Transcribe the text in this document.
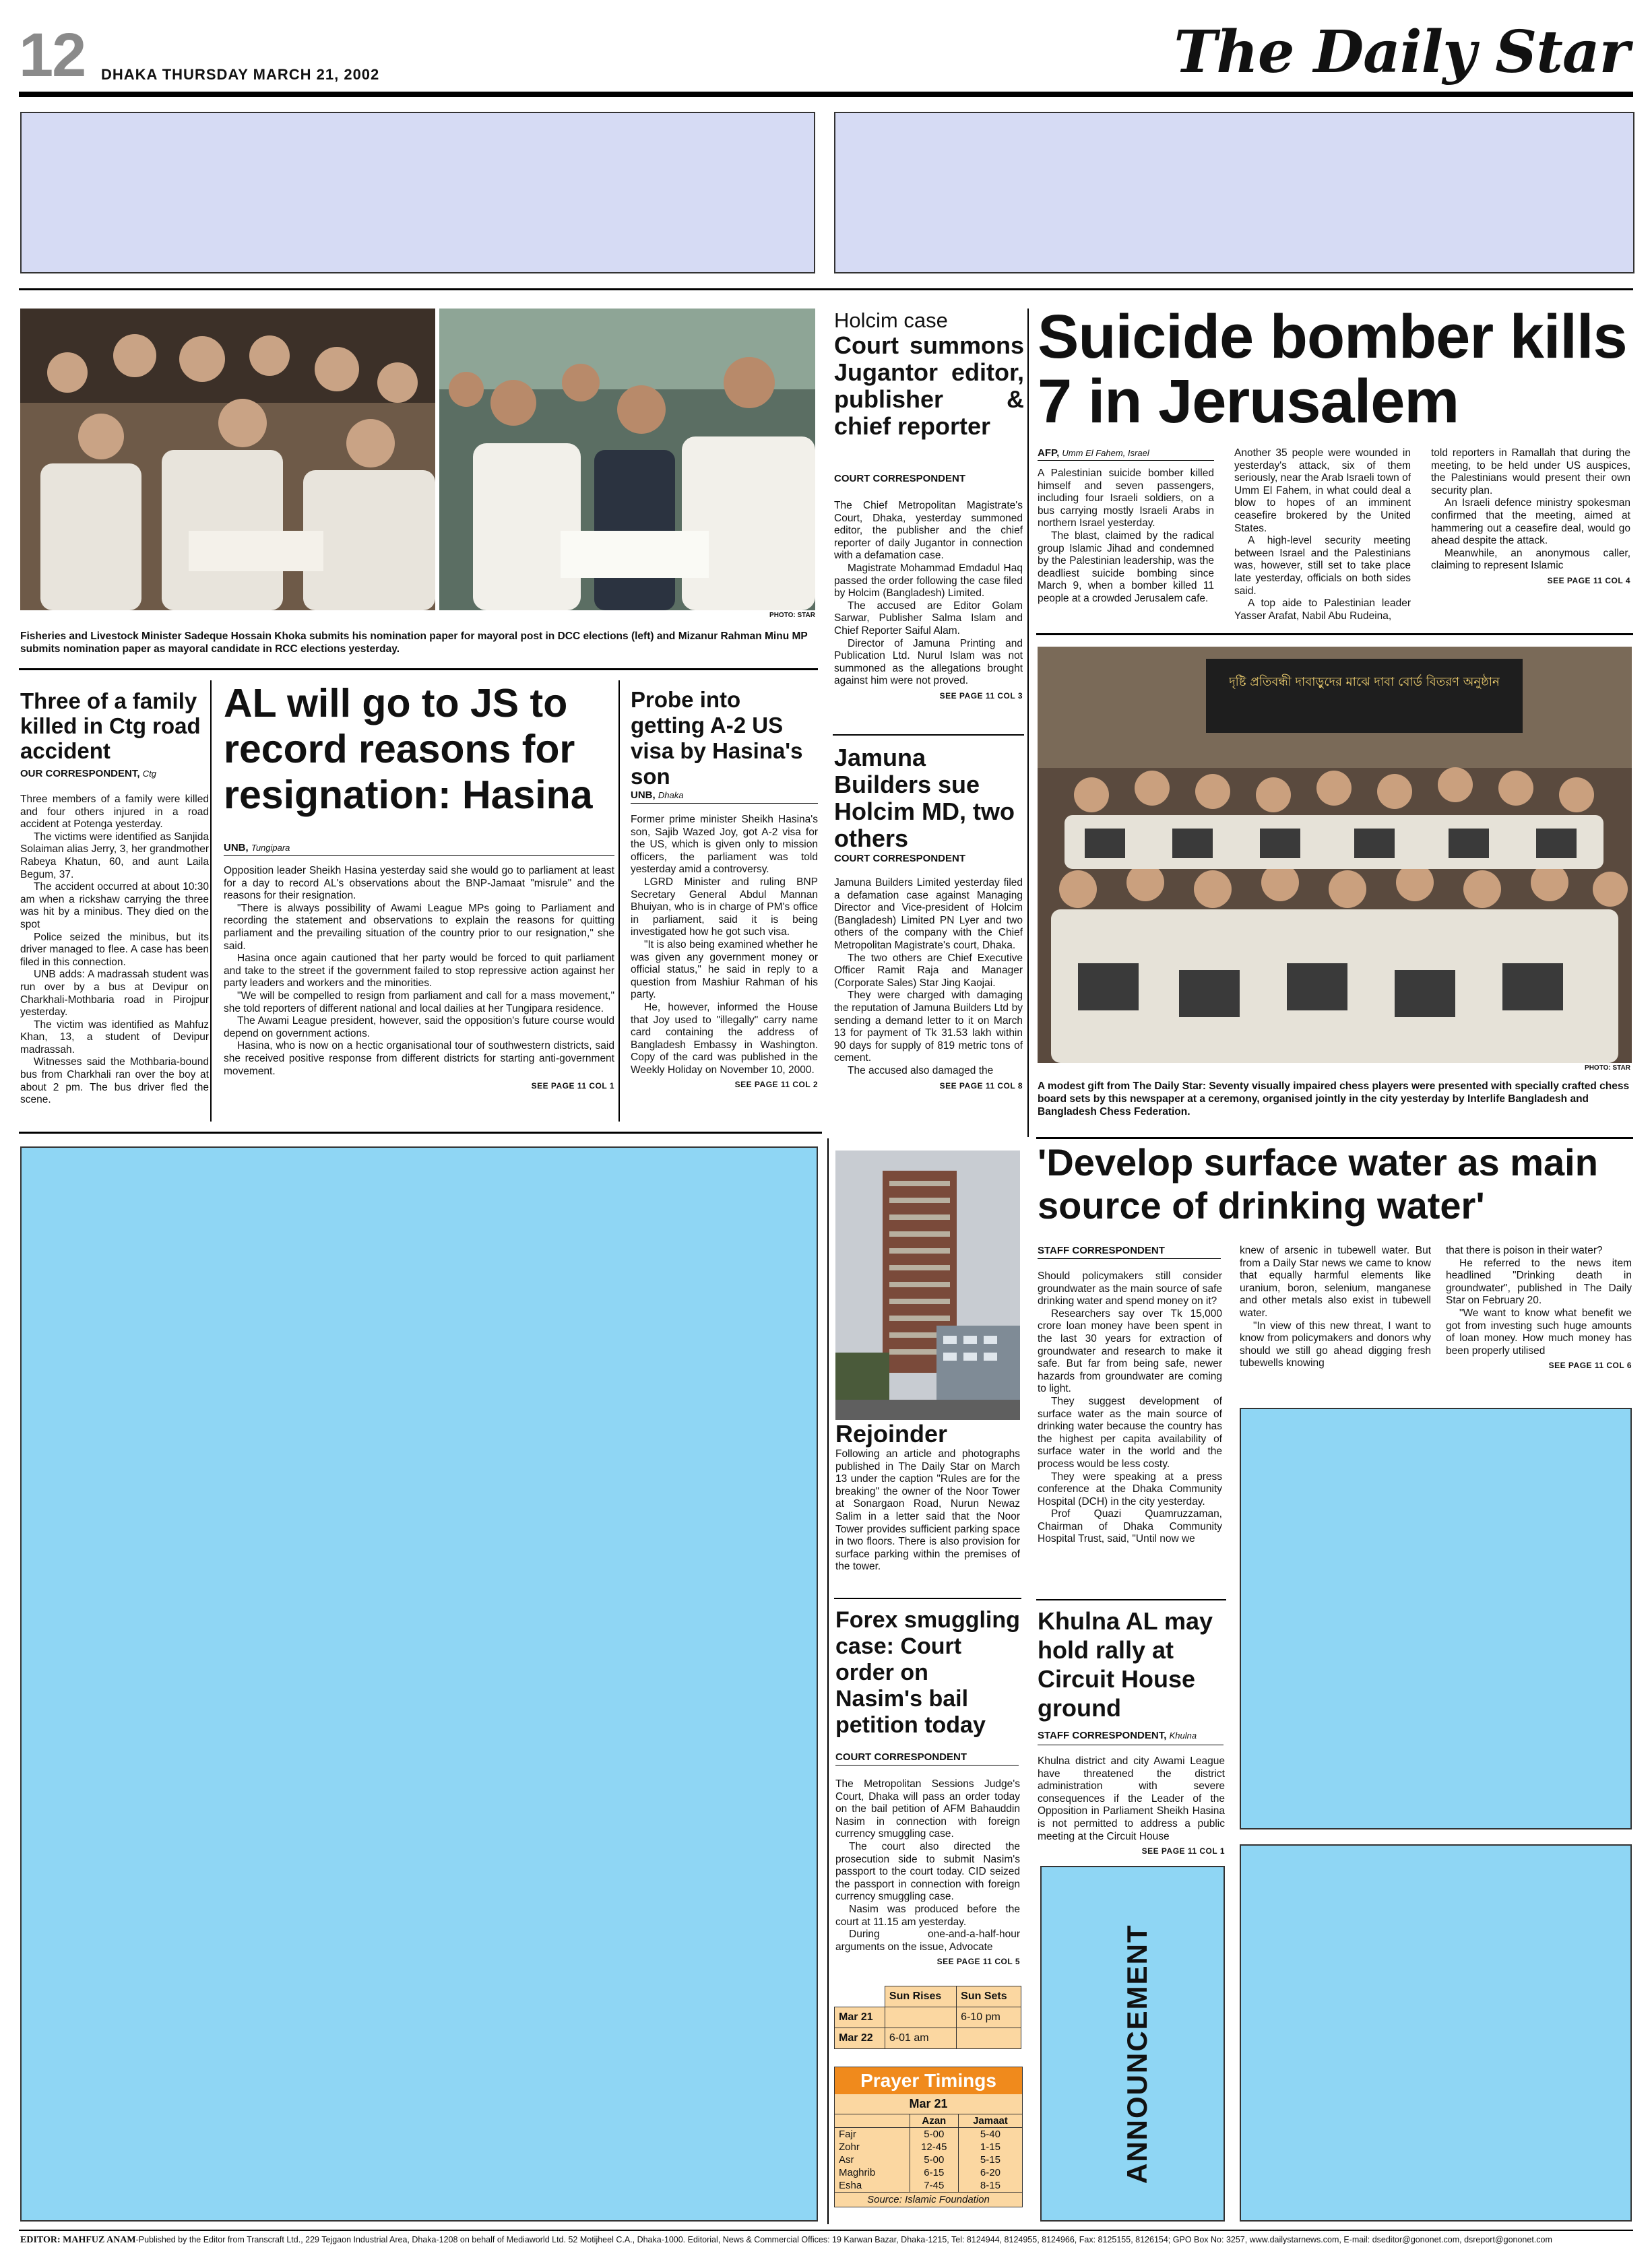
12 DHAKA THURSDAY MARCH 21, 2002	The Daily Star
PHOTO: STAR
Fisheries and Livestock Minister Sadeque Hossain Khoka submits his nomination paper for mayoral post in DCC elections (left) and Mizanur Rahman Minu MP submits nomination paper as mayoral candidate in RCC elections yesterday.
Holcim case
Court summons Jugantor editor, publisher & chief reporter
COURT CORRESPONDENT

The Chief Metropolitan Magistrate's Court, Dhaka, yesterday summoned editor, the publisher and the chief reporter of daily Jugantor in connection with a defamation case.

Magistrate Mohammad Emdadul Haq passed the order following the case filed by Holcim (Bangladesh) Limited.

The accused are Editor Golam Sarwar, Publisher Salma Islam and Chief Reporter Saiful Alam.

Director of Jamuna Printing and Publication Ltd. Nurul Islam was not summoned as the allegations brought against him were not proved.

SEE PAGE 11 COL 3
Jamuna Builders sue Holcim MD, two others
COURT CORRESPONDENT

Jamuna Builders Limited yesterday filed a defamation case against Managing Director and Vice-president of Holcim (Bangladesh) Limited PN Lyer and two others of the company with the Chief Metropolitan Magistrate's court, Dhaka.

The two others are Chief Executive Officer Ramit Raja and Manager (Corporate Sales) Star Jing Kaojai.

They were charged with damaging the reputation of Jamuna Builders Ltd by sending a demand letter to it on March 13 for payment of Tk 31.53 lakh within 90 days for supply of 819 metric tons of cement.

The accused also damaged the

SEE PAGE 11 COL 8
Suicide bomber kills 7 in Jerusalem
AFP, Umm El Fahem, Israel

A Palestinian suicide bomber killed himself and seven passengers, including four Israeli soldiers, on a bus carrying mostly Israeli Arabs in northern Israel yesterday.

The blast, claimed by the radical group Islamic Jihad and condemned by the Palestinian leadership, was the deadliest suicide bombing since March 9, when a bomber killed 11 people at a crowded Jerusalem cafe.

Another 35 people were wounded in yesterday's attack, six of them seriously, near the Arab Israeli town of Umm El Fahem, in what could deal a blow to hopes of an imminent ceasefire brokered by the United States.

A high-level security meeting between Israel and the Palestinians was, however, still set to take place late yesterday, officials on both sides said.

A top aide to Palestinian leader Yasser Arafat, Nabil Abu Rudeina,

told reporters in Ramallah that during the meeting, to be held under US auspices, the Palestinians would present their own security plan.

An Israeli defence ministry spokesman confirmed that the meeting, aimed at hammering out a ceasefire deal, would go ahead despite the attack.

Meanwhile, an anonymous caller, claiming to represent Islamic

SEE PAGE 11 COL 4
দৃষ্টি প্রতিবন্ধী দাবাড়ুদের মাঝে দাবা বোর্ড বিতরণ অনুষ্ঠান
PHOTO: STAR
A modest gift from The Daily Star: Seventy visually impaired chess players were presented with specially crafted chess board sets by this newspaper at a ceremony, organised jointly in the city yesterday by Interlife Bangladesh and Bangladesh Chess Federation.
Three of a family killed in Ctg road accident
OUR CORRESPONDENT, Ctg

Three members of a family were killed and four others injured in a road accident at Potenga yesterday.

The victims were identified as Sanjida Solaiman alias Jerry, 3, her grandmother Rabeya Khatun, 60, and aunt Laila Begum, 37.

The accident occurred at about 10:30 am when a rickshaw carrying the three was hit by a minibus. They died on the spot

Police seized the minibus, but its driver managed to flee. A case has been filed in this connection.

UNB adds: A madrassah student was run over by a bus at Devipur on Charkhali-Mothbaria road in Pirojpur yesterday.

The victim was identified as Mahfuz Khan, 13, a student of Devipur madrassah.

Witnesses said the Mothbaria-bound bus from Charkhali ran over the boy at about 2 pm. The bus driver fled the scene.

AL will go to JS to record reasons for resignation: Hasina
UNB, Tungipara

Opposition leader Sheikh Hasina yesterday said she would go to parliament at least for a day to record AL's observations about the BNP-Jamaat "misrule" and the reasons for their resignation.

"There is always possibility of Awami League MPs going to Parliament and recording the statement and observations to explain the reasons for quitting parliament and the prevailing situation of the country prior to our resignation," she said.

Hasina once again cautioned that her party would be forced to quit parliament and take to the street if the government failed to stop repressive action against her party leaders and workers and the minorities.

"We will be compelled to resign from parliament and call for a mass movement," she told reporters of different national and local dailies at her Tungipara residence.

The Awami League president, however, said the opposition's future course would depend on government actions.

Hasina, who is now on a hectic organisational tour of southwestern districts, said she received positive response from different districts for starting anti-government movement.

SEE PAGE 11 COL 1
Probe into getting A-2 US visa by Hasina's son
UNB, Dhaka

Former prime minister Sheikh Hasina's son, Sajib Wazed Joy, got A-2 visa for the US, which is given only to mission officers, the parliament was told yesterday amid a controversy.

LGRD Minister and ruling BNP Secretary General Abdul Mannan Bhuiyan, who is in charge of PM's office in parliament, said it is being investigated how he got such visa.

"It is also being examined whether he was given any government money or official status," he said in reply to a question from Mashiur Rahman of his party.

He, however, informed the House that Joy used to "illegally" carry name card containing the address of Bangladesh Embassy in Washington. Copy of the card was published in the Weekly Holiday on November 10, 2000.

SEE PAGE 11 COL 2
Rejoinder

Following an article and photographs published in The Daily Star on March 13 under the caption "Rules are for the breaking" the owner of the Noor Tower at Sonargaon Road, Nurun Newaz Salim in a letter said that the Noor Tower provides sufficient parking space in two floors. There is also provision for surface parking within the premises of the tower.

Forex smuggling case: Court order on Nasim's bail petition today
COURT CORRESPONDENT

The Metropolitan Sessions Judge's Court, Dhaka will pass an order today on the bail petition of AFM Bahauddin Nasim in connection with foreign currency smuggling case.

The court also directed the prosecution side to submit Nasim's passport to the court today. CID seized the passport in connection with foreign currency smuggling case.

Nasim was produced before the court at 11.15 am yesterday.

During one-and-a-half-hour arguments on the issue, Advocate

SEE PAGE 11 COL 5
	Sun Rises	Sun Sets
Mar 21		6-10 pm
Mar 22	6-01 am	
Prayer Timings
Mar 21
	Azan	Jamaat
Fajr	5-00	5-40
Zohr	12-45	1-15
Asr	5-00	5-15
Maghrib	6-15	6-20
Esha	7-45	8-15
Source: Islamic Foundation
'Develop surface water as main source of drinking water'
STAFF CORRESPONDENT

Should policymakers still consider groundwater as the main source of safe drinking water and spend money on it?

Researchers say over Tk 15,000 crore loan money have been spent in the last 30 years for extraction of groundwater and research to make it safe. But far from being safe, newer hazards from groundwater are coming to light.

They suggest development of surface water as the main source of drinking water because the country has the highest per capita availability of surface water in the world and the process would be less costy.

They were speaking at a press conference at the Dhaka Community Hospital (DCH) in the city yesterday.

Prof Quazi Quamruzzaman, Chairman of Dhaka Community Hospital Trust, said, "Until now we

knew of arsenic in tubewell water. But from a Daily Star news we came to know that equally harmful elements like uranium, boron, selenium, manganese and other metals also exist in tubewell water.

"In view of this new threat, I want to know from policymakers and donors why should we still go ahead digging fresh tubewells knowing

that there is poison in their water?

He referred to the news item headlined "Drinking death in groundwater", published in The Daily Star on February 20.

"We want to know what benefit we got from investing such huge amounts of loan money. How much money has been properly utilised

SEE PAGE 11 COL 6
Khulna AL may hold rally at Circuit House ground
STAFF CORRESPONDENT, Khulna

Khulna district and city Awami League have threatened the district administration with severe consequences if the Leader of the Opposition in Parliament Sheikh Hasina is not permitted to address a public meeting at the Circuit House

SEE PAGE 11 COL 1
ANNOUNCEMENT
EDITOR: MAHFUZ ANAM-Published by the Editor from Transcraft Ltd., 229 Tejgaon Industrial Area, Dhaka-1208 on behalf of Mediaworld Ltd. 52 Motijheel C.A., Dhaka-1000. Editorial, News & Commercial Offices: 19 Karwan Bazar, Dhaka-1215, Tel: 8124944, 8124955, 8124966, Fax: 8125155, 8126154; GPO Box No: 3257, www.dailystarnews.com, E-mail: dseditor@gononet.com, dsreport@gononet.com
